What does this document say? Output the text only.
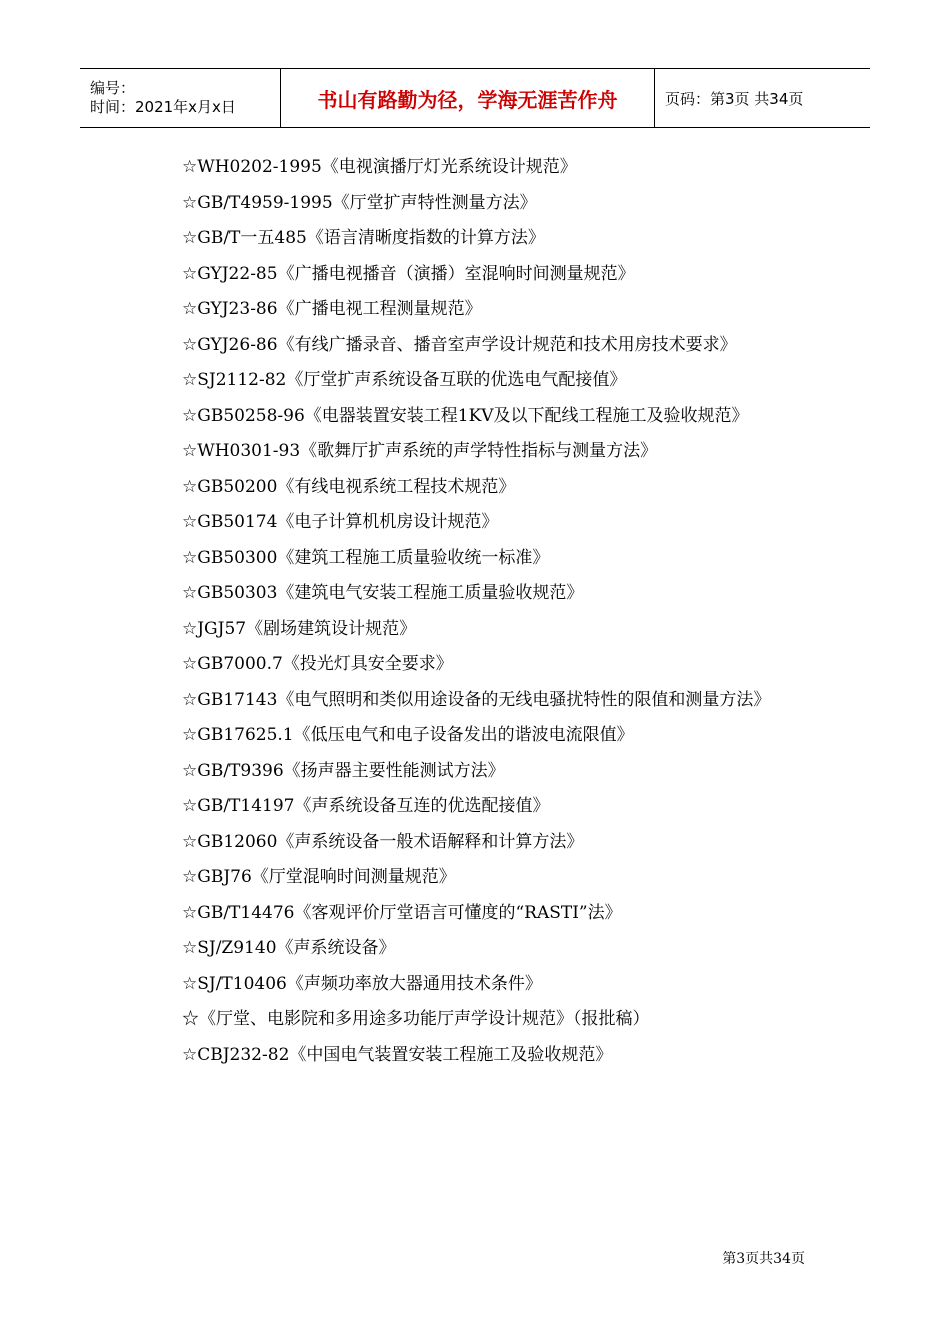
编号：
时间：2021年x月x日	书山有路勤为径，学海无涯苦作舟	页码：第3页 共34页

☆WH0202-1995《电视演播厅灯光系统设计规范》

☆GB/T4959-1995《厅堂扩声特性测量方法》

☆GB/T一五485《语言清晰度指数的计算方法》

☆GYJ22-85《广播电视播音（演播）室混响时间测量规范》

☆GYJ23-86《广播电视工程测量规范》

☆GYJ26-86《有线广播录音、播音室声学设计规范和技术用房技术要求》

☆SJ2112-82《厅堂扩声系统设备互联的优选电气配接值》

☆GB50258-96《电器装置安装工程1KV及以下配线工程施工及验收规范》

☆WH0301-93《歌舞厅扩声系统的声学特性指标与测量方法》

☆GB50200《有线电视系统工程技术规范》

☆GB50174《电子计算机机房设计规范》

☆GB50300《建筑工程施工质量验收统一标准》

☆GB50303《建筑电气安装工程施工质量验收规范》

☆JGJ57《剧场建筑设计规范》

☆GB7000.7《投光灯具安全要求》

☆GB17143《电气照明和类似用途设备的无线电骚扰特性的限值和测量方法》

☆GB17625.1《低压电气和电子设备发出的谐波电流限值》

☆GB/T9396《扬声器主要性能测试方法》

☆GB/T14197《声系统设备互连的优选配接值》

☆GB12060《声系统设备一般术语解释和计算方法》

☆GBJ76《厅堂混响时间测量规范》

☆GB/T14476《客观评价厅堂语言可懂度的“RASTI”法》

☆SJ/Z9140《声系统设备》

☆SJ/T10406《声频功率放大器通用技术条件》

☆《厅堂、电影院和多用途多功能厅声学设计规范》（报批稿）

☆CBJ232-82《中国电气装置安装工程施工及验收规范》

第3页共34页
